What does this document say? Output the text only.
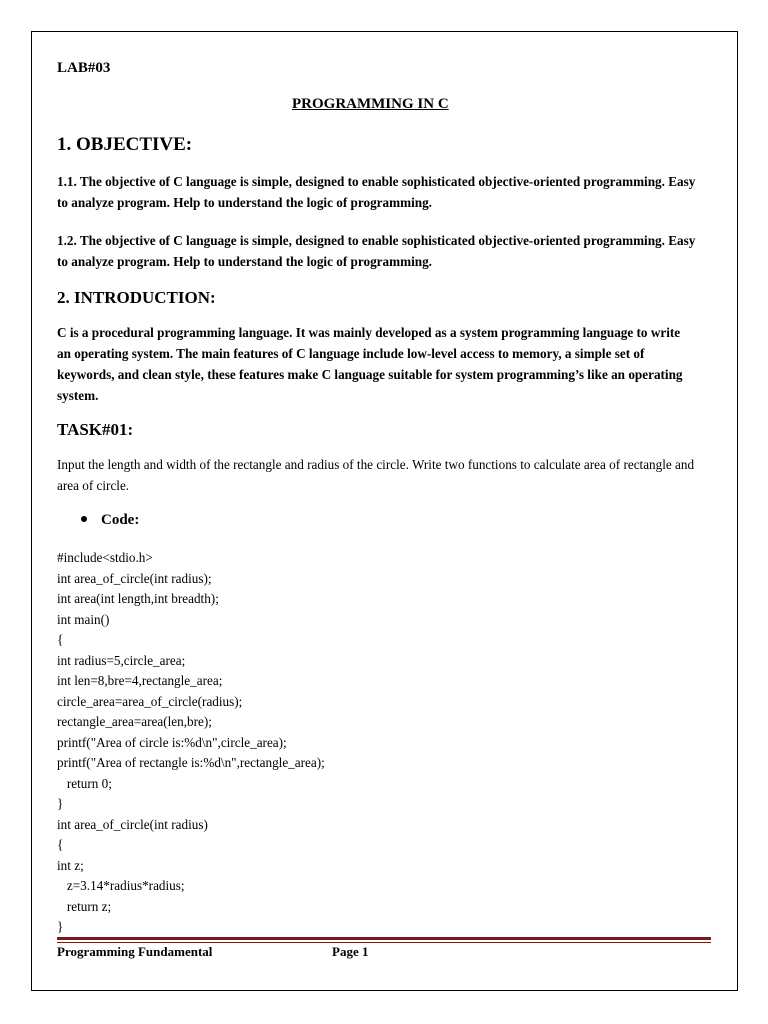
LAB#03
PROGRAMMING IN C
1. OBJECTIVE:
1.1. The objective of C language is simple, designed to enable sophisticated objective-oriented programming. Easy to analyze program. Help to understand the logic of programming.
1.2. The objective of C language is simple, designed to enable sophisticated objective-oriented programming. Easy to analyze program. Help to understand the logic of programming.
2. INTRODUCTION:
C is a procedural programming language. It was mainly developed as a system programming language to write an operating system. The main features of C language include low-level access to memory, a simple set of keywords, and clean style, these features make C language suitable for system programming’s like an operating system.
TASK#01:
Input the length and width of the rectangle and radius of the circle. Write two functions to calculate area of rectangle and area of circle.
Code:
#include<stdio.h>
int area_of_circle(int radius);
int area(int length,int breadth);
int main()
{
int radius=5,circle_area;
int len=8,bre=4,rectangle_area;
circle_area=area_of_circle(radius);
rectangle_area=area(len,bre);
printf("Area of circle is:%d\n",circle_area);
printf("Area of rectangle is:%d\n",rectangle_area);
return 0;
}
int area_of_circle(int radius)
{
int z;
z=3.14*radius*radius;
return z;
}
Programming Fundamental	Page 1
